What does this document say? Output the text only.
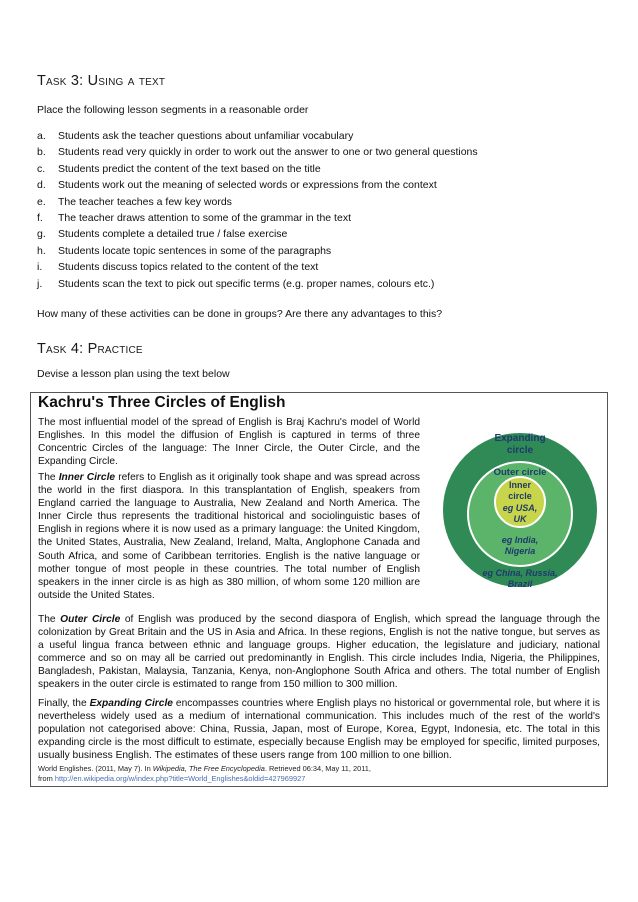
Task 3: Using a text
Place the following lesson segments in a reasonable order
a. Students ask the teacher questions about unfamiliar vocabulary
b. Students read very quickly in order to work out the answer to one or two general questions
c. Students predict the content of the text based on the title
d. Students work out the meaning of selected words or expressions from the context
e. The teacher teaches a few key words
f. The teacher draws attention to some of the grammar in the text
g. Students complete a detailed true / false exercise
h. Students locate topic sentences in some of the paragraphs
i. Students discuss topics related to the content of the text
j. Students scan the text to pick out specific terms (e.g. proper names, colours etc.)
How many of these activities can be done in groups? Are there any advantages to this?
Task 4: Practice
Devise a lesson plan using the text below
Kachru's Three Circles of English
The most influential model of the spread of English is Braj Kachru's model of World Englishes. In this model the diffusion of English is captured in terms of three Concentric Circles of the language: The Inner Circle, the Outer Circle, and the Expanding Circle.
The Inner Circle refers to English as it originally took shape and was spread across the world in the first diaspora. In this transplantation of English, speakers from England carried the language to Australia, New Zealand and North America. The Inner Circle thus represents the traditional historical and sociolinguistic bases of English in regions where it is now used as a primary language: the United Kingdom, the United States, Australia, New Zealand, Ireland, Malta, Anglophone Canada and South Africa, and some of Caribbean territories. English is the native language or mother tongue of most people in these countries. The total number of English speakers in the inner circle is as high as 380 million, of whom some 120 million are outside the United States.
The Outer Circle of English was produced by the second diaspora of English, which spread the language through the colonization by Great Britain and the US in Asia and Africa. In these regions, English is not the native tongue, but serves as a useful lingua franca between ethnic and language groups. Higher education, the legislature and judiciary, national commerce and so on may all be carried out predominantly in English. This circle includes India, Nigeria, the Philippines, Bangladesh, Pakistan, Malaysia, Tanzania, Kenya, non-Anglophone South Africa and others. The total number of English speakers in the outer circle is estimated to range from 150 million to 300 million.
Finally, the Expanding Circle encompasses countries where English plays no historical or governmental role, but where it is nevertheless widely used as a medium of international communication. This includes much of the rest of the world's population not categorised above: China, Russia, Japan, most of Europe, Korea, Egypt, Indonesia, etc. The total in this expanding circle is the most difficult to estimate, especially because English may be employed for specific, limited purposes, usually business English. The estimates of these users range from 100 million to one billion.
World Englishes. (2011, May 7). In Wikipedia, The Free Encyclopedia. Retrieved 06:34, May 11, 2011,
from http://en.wikipedia.org/w/index.php?title=World_Englishes&oldid=427969927
Expanding
circle
Outer circle
Inner
circle
eg USA,
UK
eg India,
Nigeria
eg China, Russia,
Brazil
